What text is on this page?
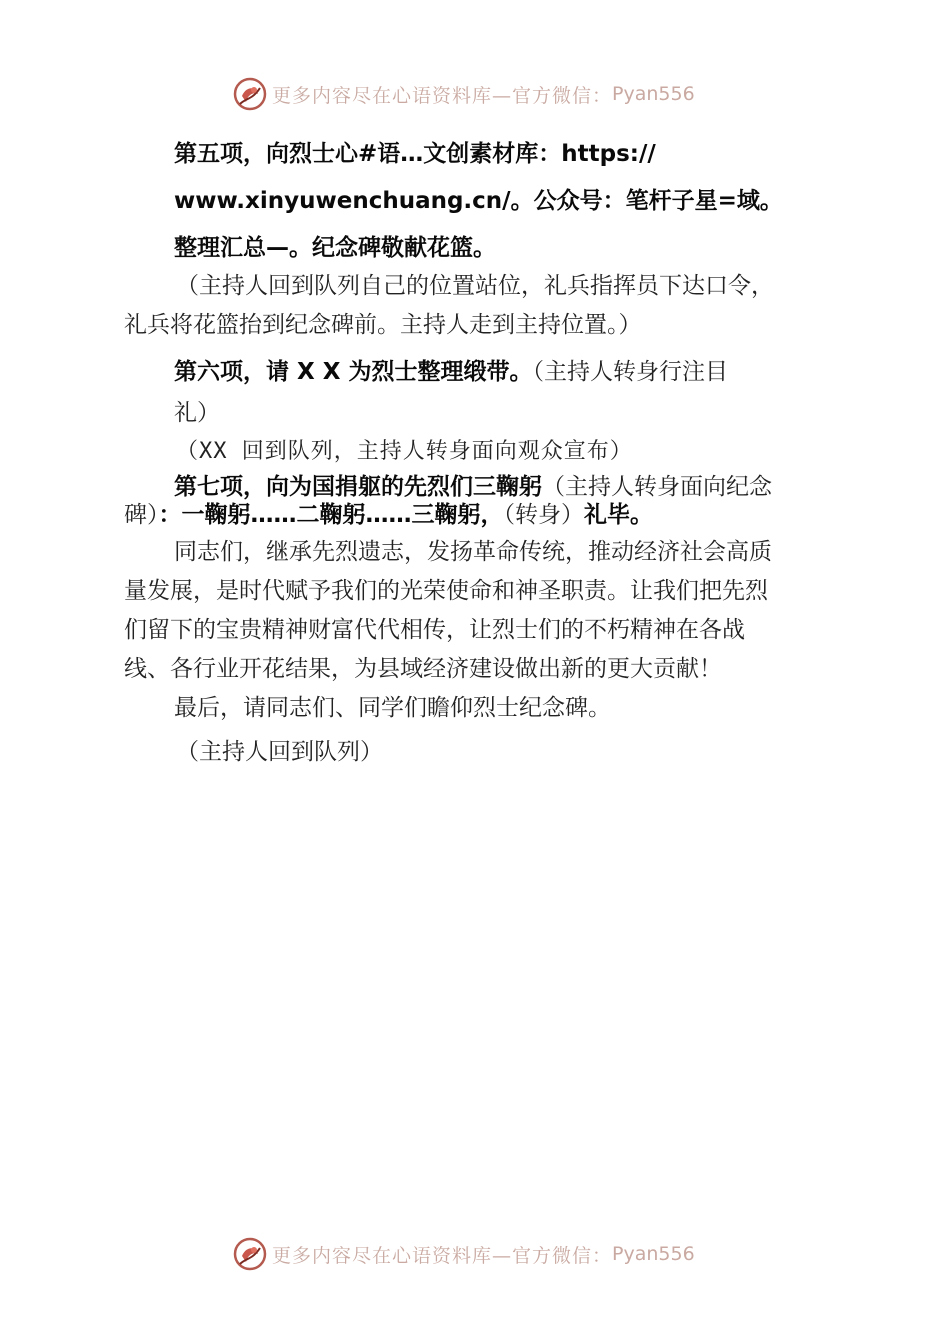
更多内容尽在心语资料库—官方微信： Pyan556
第五项，向烈士心#语…文创素材库：https://
www.xinyuwenchuang.cn/。公众号：笔杆子星=域。
整理汇总—。纪念碑敬献花篮。
（主持人回到队列自己的位置站位，礼兵指挥员下达口令，
礼兵将花篮抬到纪念碑前。主持人走到主持位置。）
第六项，请 X X 为烈士整理缎带。（主持人转身行注目
礼）
（XX 回到队列，主持人转身面向观众宣布）
第七项，向为国捐躯的先烈们三鞠躬（主持人转身面向纪念
碑）：一鞠躬……二鞠躬……三鞠躬，（转身）礼毕。
同志们，继承先烈遗志，发扬革命传统，推动经济社会高质
量发展，是时代赋予我们的光荣使命和神圣职责。让我们把先烈
们留下的宝贵精神财富代代相传，让烈士们的不朽精神在各战
线、各行业开花结果，为县域经济建设做出新的更大贡献！
最后，请同志们、同学们瞻仰烈士纪念碑。
（主持人回到队列）
更多内容尽在心语资料库—官方微信： Pyan556
